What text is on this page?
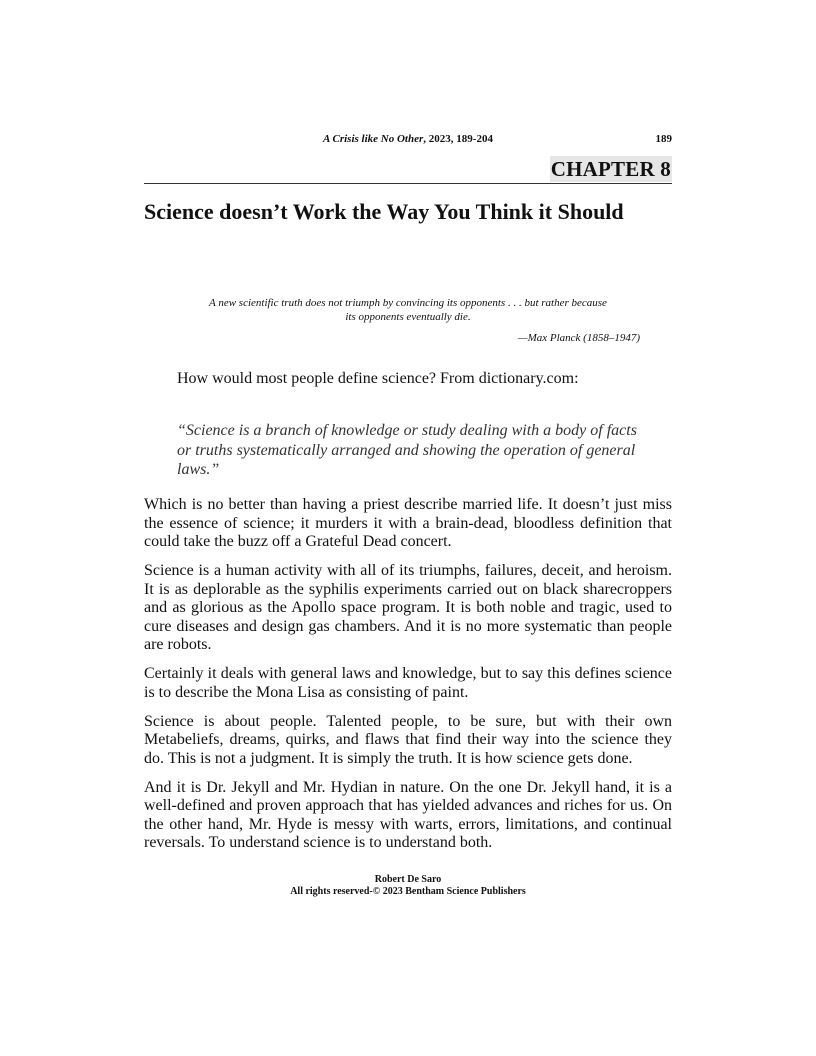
A Crisis like No Other, 2023, 189-204	189
CHAPTER 8
Science doesn’t Work the Way You Think it Should
A new scientific truth does not triumph by convincing its opponents . . . but rather because
its opponents eventually die.
—Max Planck (1858–1947)
How would most people define science? From dictionary.com:
“Science is a branch of knowledge or study dealing with a body of facts or truths systematically arranged and showing the operation of general laws.”

Which is no better than having a priest describe married life. It doesn’t just miss the essence of science; it murders it with a brain-dead, bloodless definition that could take the buzz off a Grateful Dead concert.

Science is a human activity with all of its triumphs, failures, deceit, and heroism. It is as deplorable as the syphilis experiments carried out on black sharecroppers and as glorious as the Apollo space program. It is both noble and tragic, used to cure diseases and design gas chambers. And it is no more systematic than people are robots.

Certainly it deals with general laws and knowledge, but to say this defines science is to describe the Mona Lisa as consisting of paint.

Science is about people. Talented people, to be sure, but with their own Metabeliefs, dreams, quirks, and flaws that find their way into the science they do. This is not a judgment. It is simply the truth. It is how science gets done.

And it is Dr. Jekyll and Mr. Hydian in nature. On the one Dr. Jekyll hand, it is a well-defined and proven approach that has yielded advances and riches for us. On the other hand, Mr. Hyde is messy with warts, errors, limitations, and continual reversals. To understand science is to understand both.

Robert De Saro
All rights reserved-© 2023 Bentham Science Publishers
